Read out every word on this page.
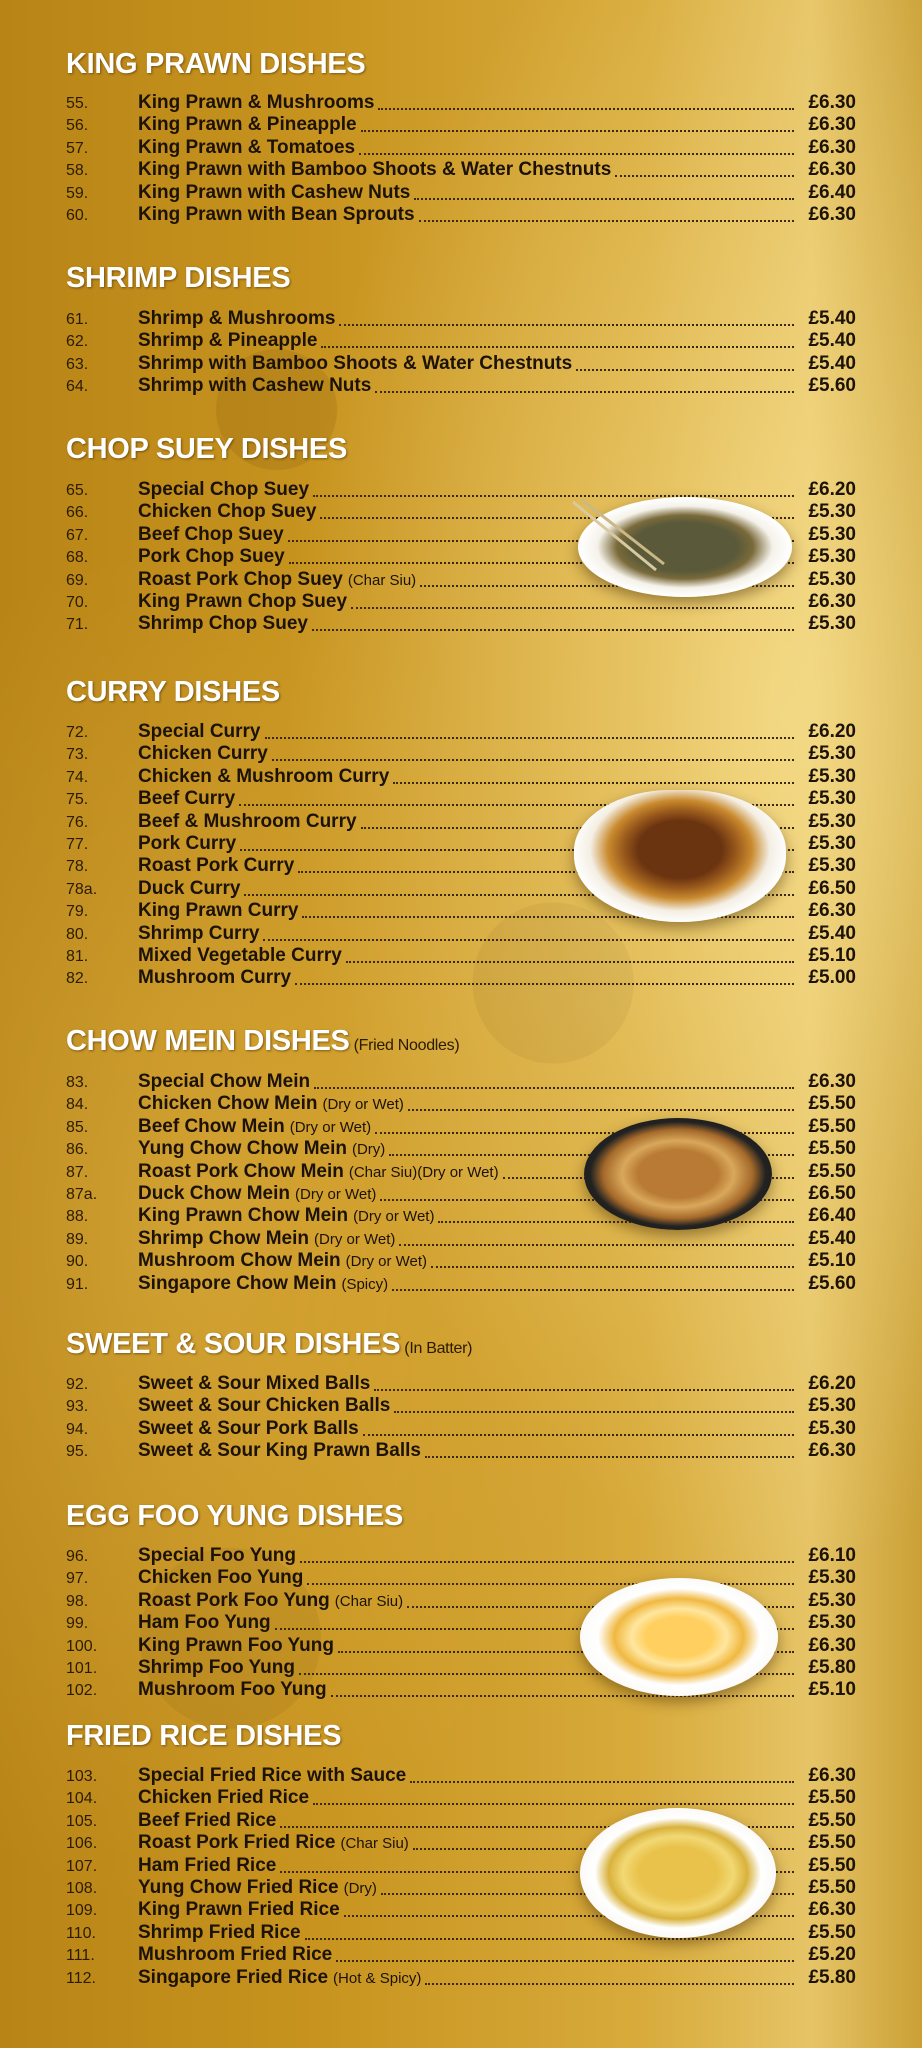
KING PRAWN DISHES
55.	King Prawn & Mushrooms	£6.30
56.	King Prawn & Pineapple	£6.30
57.	King Prawn & Tomatoes	£6.30
58.	King Prawn with Bamboo Shoots & Water Chestnuts	£6.30
59.	King Prawn with Cashew Nuts	£6.40
60.	King Prawn with Bean Sprouts	£6.30
SHRIMP DISHES
61.	Shrimp & Mushrooms	£5.40
62.	Shrimp & Pineapple	£5.40
63.	Shrimp with Bamboo Shoots & Water Chestnuts	£5.40
64.	Shrimp with Cashew Nuts	£5.60
CHOP SUEY DISHES
65.	Special Chop Suey	£6.20
66.	Chicken Chop Suey	£5.30
67.	Beef Chop Suey	£5.30
68.	Pork Chop Suey	£5.30
69.	Roast Pork Chop Suey (Char Siu)	£5.30
70.	King Prawn Chop Suey	£6.30
71.	Shrimp Chop Suey	£5.30
CURRY DISHES
72.	Special Curry	£6.20
73.	Chicken Curry	£5.30
74.	Chicken & Mushroom Curry	£5.30
75.	Beef Curry	£5.30
76.	Beef & Mushroom Curry	£5.30
77.	Pork Curry	£5.30
78.	Roast Pork Curry	£5.30
78a.	Duck Curry	£6.50
79.	King Prawn Curry	£6.30
80.	Shrimp Curry	£5.40
81.	Mixed Vegetable Curry	£5.10
82.	Mushroom Curry	£5.00
CHOW MEIN DISHES (Fried Noodles)
83.	Special Chow Mein	£6.30
84.	Chicken Chow Mein (Dry or Wet)	£5.50
85.	Beef Chow Mein (Dry or Wet)	£5.50
86.	Yung Chow Chow Mein (Dry)	£5.50
87.	Roast Pork Chow Mein (Char Siu)(Dry or Wet)	£5.50
87a.	Duck Chow Mein (Dry or Wet)	£6.50
88.	King Prawn Chow Mein (Dry or Wet)	£6.40
89.	Shrimp Chow Mein (Dry or Wet)	£5.40
90.	Mushroom Chow Mein (Dry or Wet)	£5.10
91.	Singapore Chow Mein (Spicy)	£5.60
SWEET & SOUR DISHES (In Batter)
92.	Sweet & Sour Mixed Balls	£6.20
93.	Sweet & Sour Chicken Balls	£5.30
94.	Sweet & Sour Pork Balls	£5.30
95.	Sweet & Sour King Prawn Balls	£6.30
EGG FOO YUNG DISHES
96.	Special Foo Yung	£6.10
97.	Chicken Foo Yung	£5.30
98.	Roast Pork Foo Yung (Char Siu)	£5.30
99.	Ham Foo Yung	£5.30
100.	King Prawn Foo Yung	£6.30
101.	Shrimp Foo Yung	£5.80
102.	Mushroom Foo Yung	£5.10
FRIED RICE DISHES
103.	Special Fried Rice with Sauce	£6.30
104.	Chicken Fried Rice	£5.50
105.	Beef Fried Rice	£5.50
106.	Roast Pork Fried Rice (Char Siu)	£5.50
107.	Ham Fried Rice	£5.50
108.	Yung Chow Fried Rice (Dry)	£5.50
109.	King Prawn Fried Rice	£6.30
110.	Shrimp Fried Rice	£5.50
111.	Mushroom Fried Rice	£5.20
112.	Singapore Fried Rice (Hot & Spicy)	£5.80
